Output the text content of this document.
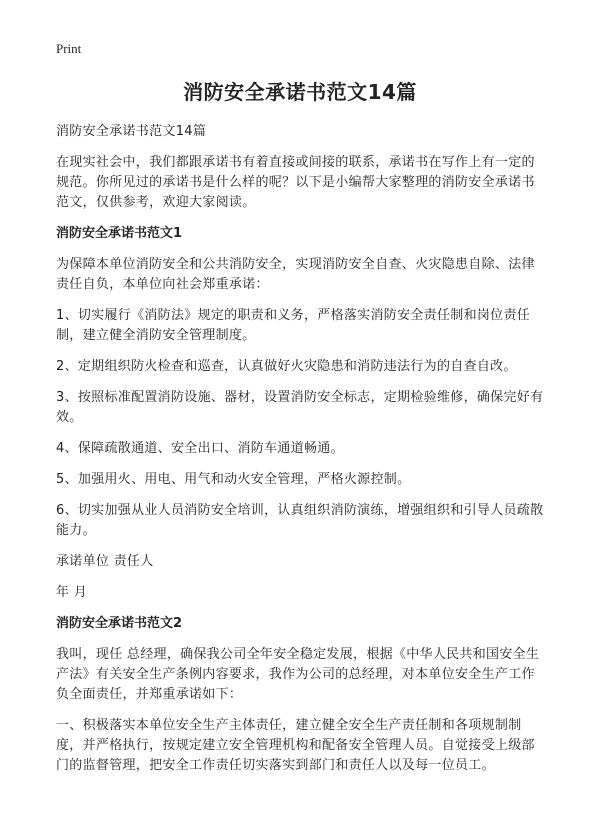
Print
消防安全承诺书范文14篇
消防安全承诺书范文14篇
在现实社会中，我们都跟承诺书有着直接或间接的联系，承诺书在写作上有一定的规范。你所见过的承诺书是什么样的呢？以下是小编帮大家整理的消防安全承诺书范文，仅供参考，欢迎大家阅读。
消防安全承诺书范文1
为保障本单位消防安全和公共消防安全，实现消防安全自查、火灾隐患自除、法律责任自负，本单位向社会郑重承诺：
1、切实履行《消防法》规定的职责和义务，严格落实消防安全责任制和岗位责任制，建立健全消防安全管理制度。
2、定期组织防火检查和巡查，认真做好火灾隐患和消防违法行为的自查自改。
3、按照标准配置消防设施、器材，设置消防安全标志，定期检验维修，确保完好有效。
4、保障疏散通道、安全出口、消防车通道畅通。
5、加强用火、用电、用气和动火安全管理，严格火源控制。
6、切实加强从业人员消防安全培训，认真组织消防演练，增强组织和引导人员疏散能力。
承诺单位 责任人
年 月
消防安全承诺书范文2
我叫，现任 总经理，确保我公司全年安全稳定发展，根据《中华人民共和国安全生产法》有关安全生产条例内容要求，我作为公司的总经理，对本单位安全生产工作负全面责任，并郑重承诺如下：
一、积极落实本单位安全生产主体责任，建立健全安全生产责任制和各项规制制度，并严格执行，按规定建立安全管理机构和配备安全管理人员。自觉接受上级部门的监督管理，把安全工作责任切实落实到部门和责任人以及每一位员工。
